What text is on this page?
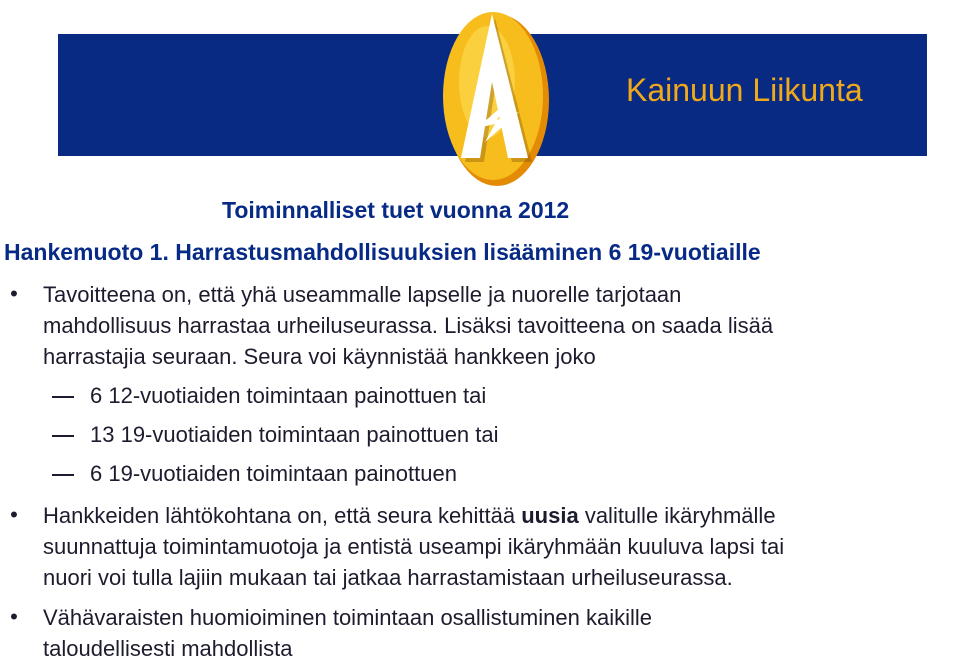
Kainuun Liikunta
Toiminnalliset tuet vuonna 2012
Hankemuoto 1. Harrastusmahdollisuuksien lisääminen 6 19-vuotiaille
• Tavoitteena on, että yhä useammalle lapselle ja nuorelle tarjotaan
mahdollisuus harrastaa urheiluseurassa. Lisäksi tavoitteena on saada lisää
harrastajia seuraan. Seura voi käynnistää hankkeen joko
6 12-vuotiaiden toimintaan painottuen tai
13 19-vuotiaiden toimintaan painottuen tai
6 19-vuotiaiden toimintaan painottuen
• Hankkeiden lähtökohtana on, että seura kehittää uusia valitulle ikäryhmälle
suunnattuja toimintamuotoja ja entistä useampi ikäryhmään kuuluva lapsi tai
nuori voi tulla lajiin mukaan tai jatkaa harrastamistaan urheiluseurassa.
• Vähävaraisten huomioiminen toimintaan osallistuminen kaikille
taloudellisesti mahdollista
